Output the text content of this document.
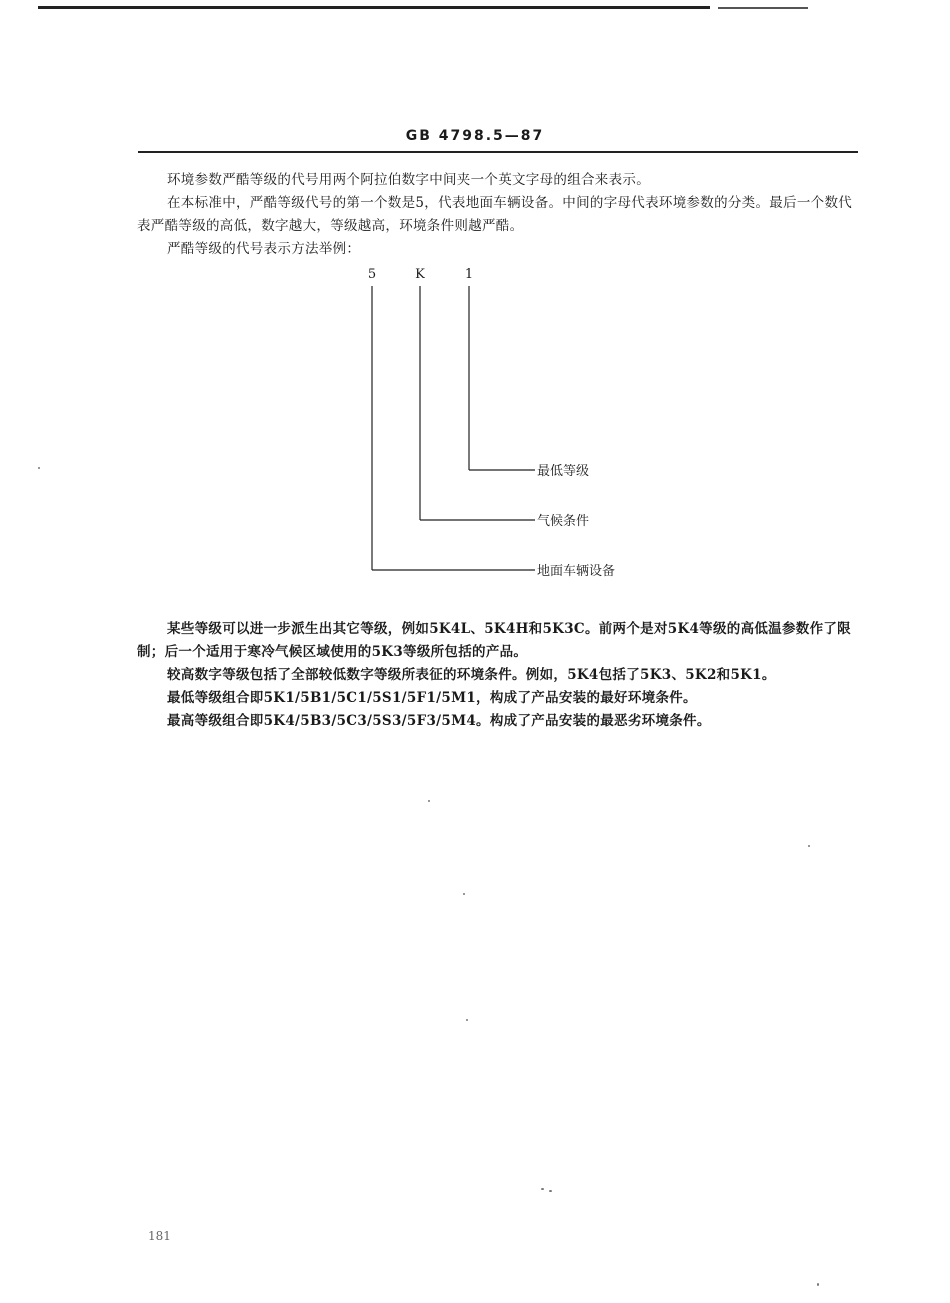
GB 4798.5—87

环境参数严酷等级的代号用两个阿拉伯数字中间夹一个英文字母的组合来表示。

在本标准中，严酷等级代号的第一个数是5，代表地面车辆设备。中间的字母代表环境参数的分类。最后一个数代表严酷等级的高低，数字越大，等级越高，环境条件则越严酷。

严酷等级的代号表示方法举例：

5	K	1
最低等级
气候条件
地面车辆设备

某些等级可以进一步派生出其它等级，例如5K4L、5K4H和5K3C。前两个是对5K4等级的高低温参数作了限制；后一个适用于寒冷气候区域使用的5K3等级所包括的产品。

较高数字等级包括了全部较低数字等级所表征的环境条件。例如，5K4包括了5K3、5K2和5K1。

最低等级组合即5K1/5B1/5C1/5S1/5F1/5M1，构成了产品安装的最好环境条件。

最高等级组合即5K4/5B3/5C3/5S3/5F3/5M4。构成了产品安装的最恶劣环境条件。

181
